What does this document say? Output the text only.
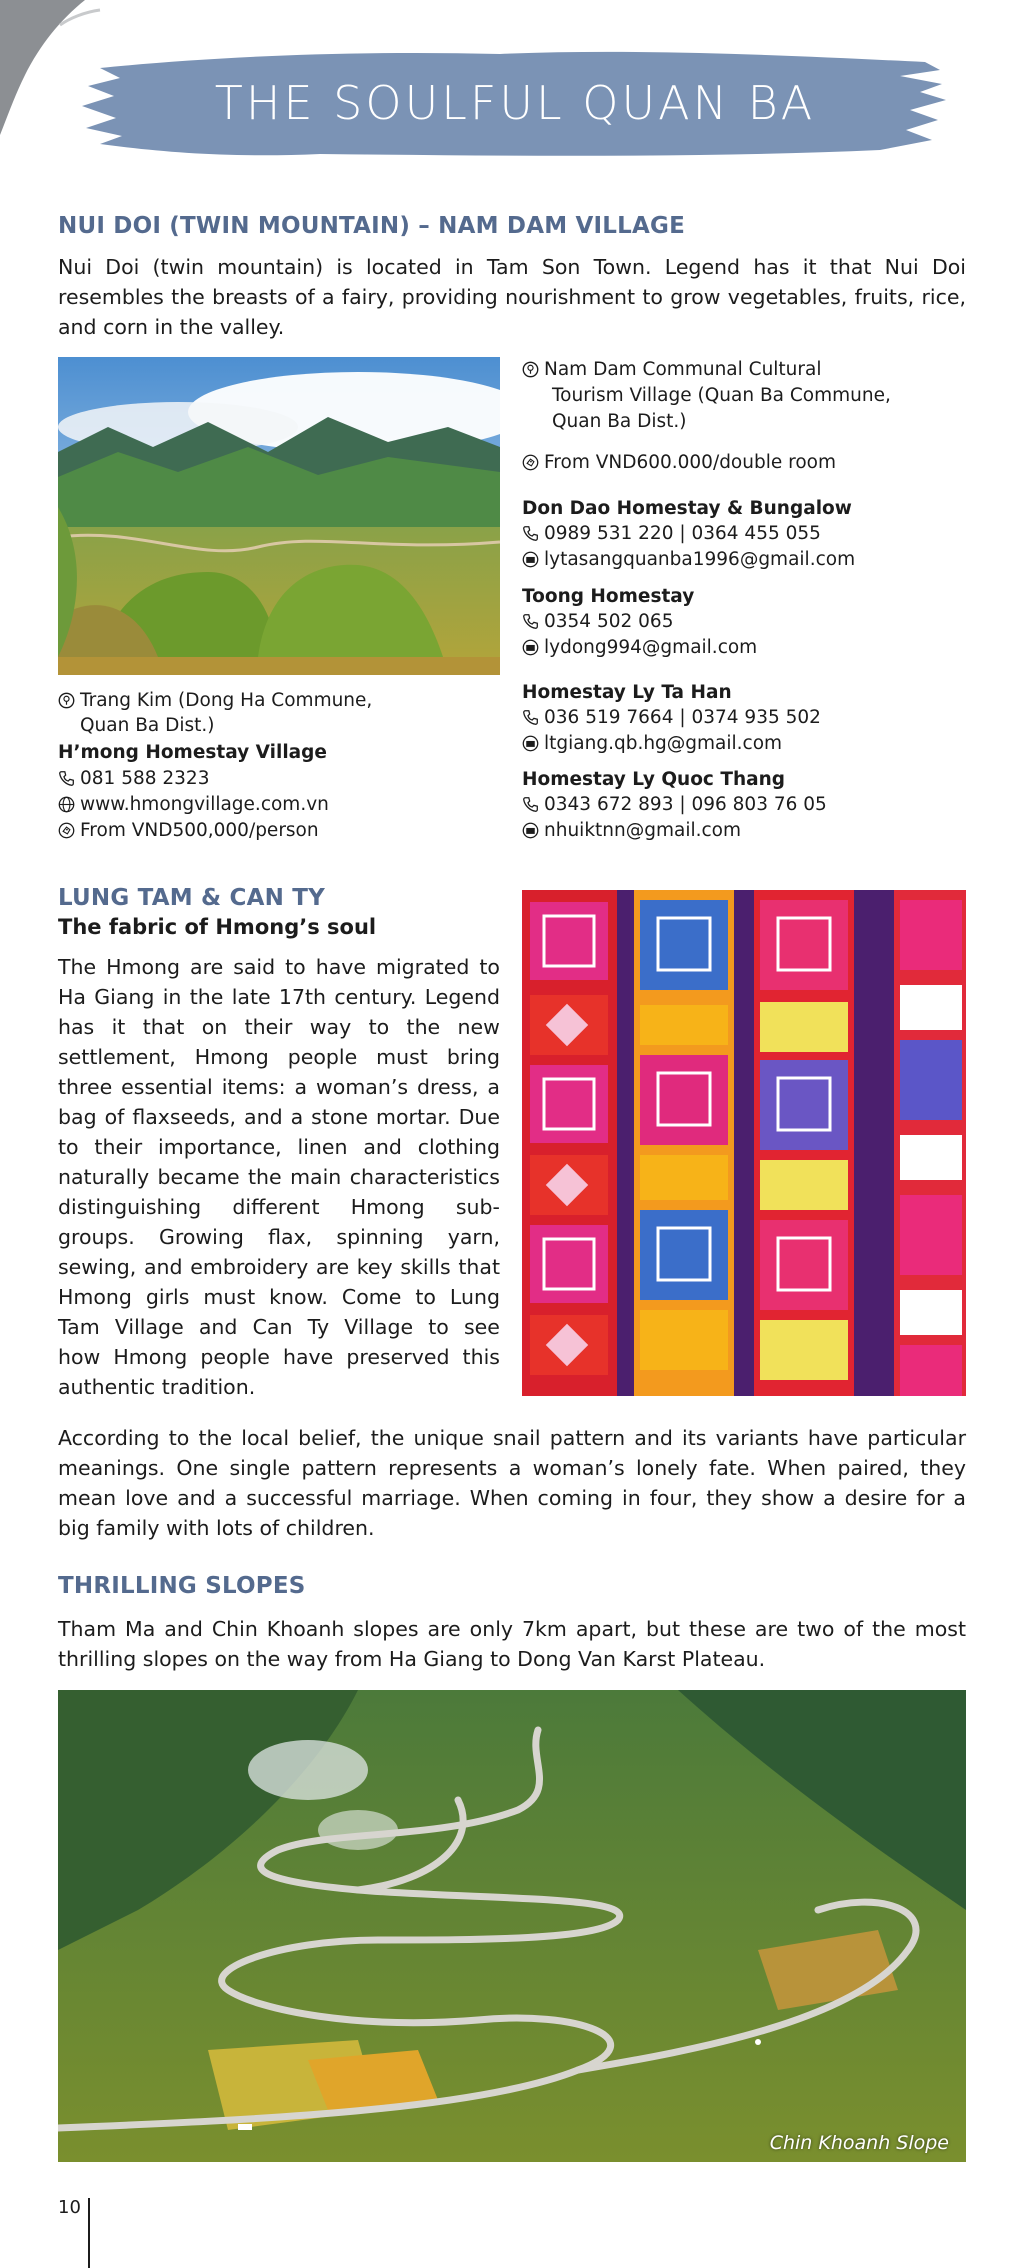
THE SOULFUL QUAN BA
NUI DOI (TWIN MOUNTAIN) – NAM DAM VILLAGE
Nui Doi (twin mountain) is located in Tam Son Town. Legend has it that Nui Doi resembles the breasts of a fairy, providing nourishment to grow vegetables, fruits, rice, and corn in the valley.
Trang Kim (Dong Ha Commune,
Quan Ba Dist.)
H’mong Homestay Village
081 588 2323
www.hmongvillage.com.vn
From VND500,000/person
Nam Dam Communal Cultural
Tourism Village (Quan Ba Commune,
Quan Ba Dist.)
From VND600.000/double room
Don Dao Homestay & Bungalow
0989 531 220 | 0364 455 055
lytasangquanba1996@gmail.com
Toong Homestay
0354 502 065
lydong994@gmail.com
Homestay Ly Ta Han
036 519 7664 | 0374 935 502
ltgiang.qb.hg@gmail.com
Homestay Ly Quoc Thang
0343 672 893 | 096 803 76 05
nhuiktnn@gmail.com
LUNG TAM & CAN TY
The fabric of Hmong’s soul
The Hmong are said to have migrated to
Ha Giang in the late 17th century. Legend
has it that on their way to the new
settlement, Hmong people must bring
three essential items: a woman’s dress, a
bag of flaxseeds, and a stone mortar. Due
to their importance, linen and clothing
naturally became the main characteristics
distinguishing different Hmong sub-
groups. Growing flax, spinning yarn,
sewing, and embroidery are key skills that
Hmong girls must know. Come to Lung
Tam Village and Can Ty Village to see
how Hmong people have preserved this
authentic tradition.
According to the local belief, the unique snail pattern and its variants have particular meanings. One single pattern represents a woman’s lonely fate. When paired, they mean love and a successful marriage. When coming in four, they show a desire for a big family with lots of children.
THRILLING SLOPES
Tham Ma and Chin Khoanh slopes are only 7km apart, but these are two of the most thrilling slopes on the way from Ha Giang to Dong Van Karst Plateau.
Chin Khoanh Slope
10
